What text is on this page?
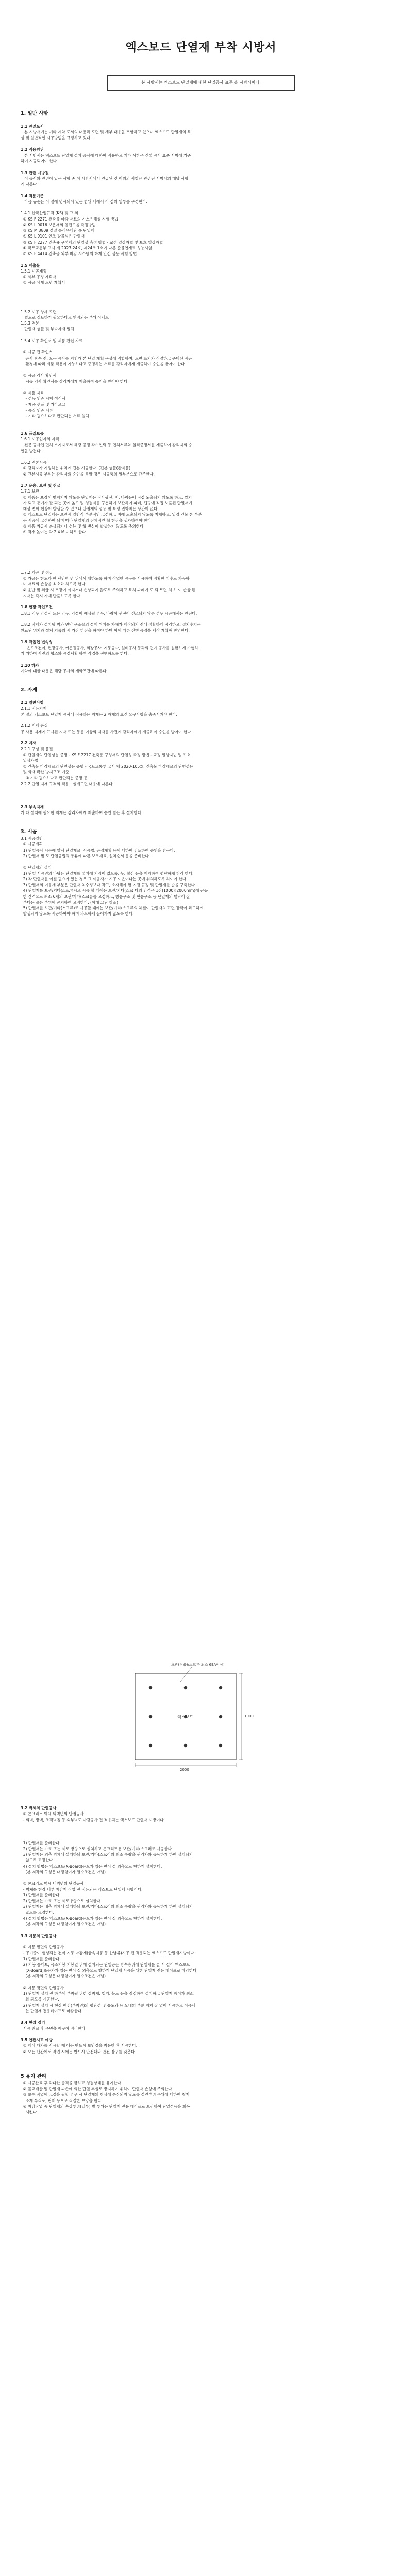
엑스보드 단열재 부착 시방서
본 시방서는 엑스보드 단열재에 대한 단열공사 표준 을 시방서이다.
1. 일반 사항
1.1 관련도서
본 시방서에는 기타 계약 도서의 내용과 도면 및 세부 내용을 포함하고 있으며 엑스보드 단열재의 특
성 및 일반적인 시공방법을 규정하고 있다.
1.2 적용범위
본 시방서는 엑스보드 단열재 설치 공사에 대하여 적용하고 기타 사항은 건설 공사 표준 시방에 기준
하여 시공되어야 한다.
1.3 관련 시방절
이 공사와 관련이 있는 사항 중 이 시방서에서 언급된 것 이외의 사항은 관련된 시방서의 해당 사항
에 따른다.
1.4 적용기준
다음 규준은 이 절에 명시되어 있는 범위 내에서 이 절의 일부를 구성한다.
1.4.1 한국산업규격 (KS) 및 그 외
① KS F 2271 건축물 마감 재료의 가스유해성 시험 방법
② KS L 9016 보온재의 열전도율 측정방법
③ KS M 3809 경질 폴리우레탄 폼 단열재
④ KS L 9101 인조 광물섬유 단열재
⑤ KS F 2277 건축용 구성재의 단열성 측정 방법 - 교정 열상자법 및 보호 열상자법
⑥ 국토교통부 고시 제 2023-24호, 제24조 1호에 따른 준불연재료 성능시험
⑦ KS F 4414 건축물 외부 마감 시스템의 화재 안전 성능 시험 방법
1.5 제출물
1.5.1 시공계획
① 세부 공정 계획서
② 시공 상세 도면 계획서
1.5.2 시공 상세 도면
별도로 검토하기 필요하다고 인정되는 부위 상세도
1.5.3 견본
단열재 샘플 및 부속자재 일체
1.5.4 시공 확인서 및 제품 관련 자료
① 시공 전 확인서
공사 착수 전, 모든 공사를 지휘가 본 단열 계획 구성에 적합하며, 도면 표기가 적절하고 준비된 시공
환경에 따라 제품 적용이 가능하다고 증명하는 서류를 감리자에게 제출하여 승인을 받아야 한다.
② 시공 검사 확인서
시공 검사 확인서를 감리자에게 제출하여 승인을 받아야 한다.
③ 제품 자료
- 성능 인증 시험 성적서
- 제품 샘플 및 카다로그
- 품질 인증 서류
- 기타 필요하다고 판단되는 서류 일체
1.6 품질보증
1.6.1 시공업자의 자격
전문 공사업 면허 소지자로서 해당 공정 작수인력 등 면허서류와 실적증명서를 제출하여 감리자의 승
인을 받는다.
1.6.2 견본시공
① 감리자가 지정하는 위치에 견본 시공한다. (견본 샘플(완제품)
② 견본시공 부위는 감리자의 승인을 득할 경우 시공품의 일부분으로 간주한다.
1.7 운송, 보관 및 취급
1.7.1 보관
① 제품은 포장이 벗겨지지 않도록 단열재는 직사광선, 비, 바람등에 직접 노출되지 않도록 하고, 깔기
가 되고 통기가 잘 되는 곳에 옮도 및 청결제를 구분하여 보관하여 파레, 캡핑에 직접 노출된 단열재에
대성 변화 현상이 발생할 수 있으나 단열재의 성능 및 특성 변화와는 상관이 없다.
② 엑스보드 단열재는 보관시 일반적 부분적인 고정하고 비에 노출되지 않도록 지제하고, 일정 건물 본 부분
는 시공에 고정하여 되며 따라 단열재의 전체적인 휨 현상을 생가하여야 한다.
③ 제품 취급시 손상되거나 성능 및 형 변상이 발생하지 않도록 주의한다.
④ 적재 높이는 약 2.4 M 이하로 한다.
1.7.2 가공 및 취급
① 가공은 현도가 한 팬만한 면 위에서 행하도록 하며 작업한 공구를 사용하여 정확한 치수로 가공하
며 재료의 손상을 최소화 하도록 한다.
② 운반 및 취급 시 포장이 찌지거나 손상되지 않도록 주의하고 특히 파레에 도 되 트면 최 하 여 손상 된
지재는 즉시 자재 반출하도록 한다.
1.8 현장 작업조건
1.8.1 검우 강설시 또는 강우, 강설이 예상될 경우, 바람이 센전어 건조되지 않은 경우 시공해서는 안된다.
1.8.2 작재가 설치될 벽과 면막 구조물의 설계 위치를 자체가 제작되기 전에 정확하게 점검하고, 설치수치는
완료된 위치와 설계 기록의 시 가장 히전을 하여야 하며 이에 따른 진행 공정을 제작 계획해 반영한다.
1.9 작업현 변속성
온도조건이, 편장공사, 커튼월공사, 외장공사, 지붕공사, 설비공사 등과의 연계 공사를 원활하게 수행하
기 위하여 사전의 협조와 공정계획 하여 작업을 진행하도록 한다.
1.10 하자
계약에 대한 내용은 해당 공사의 계약조건에 따른다.
2. 자재
2.1 일반사항
2.1.1 적용지재
본 절의 엑스보드 단열재 공사에 적용하는 지재는 2.자재의 요건 요구사항을 충족시켜야 한다.
2.1.2 지재 품질
공 사용 지재에 표시된 지재 또는 동등 이상의 지재를 사전에 감리자에게 제출하여 승인을 받아야 한다.
2.2 지재
2.2.1 구성 및 품질
① 단열재의 단열성능 증명 - KS F 2277 건축용 구성재의 단열성 측정 방법 - 교정 열상자법 및 보호
열상자법
② 건축물 마감재료의 난연성능 증명 - 국토교통부 고시 제 2020-105호, 건축물 마감재료의 난연성능
및 화재 확산 방지구조 기준
③ 기타 필요하다고 판단되는 증명 등
2.2.2 단열 지재 구격의 적용 : 설계도면 내용에 따른다.
2.3 부속지재
기 타 설치에 필요한 지재는 감리자에게 제출하여 승인 받은 후 설치한다.
3. 시공
3.1 시공일반
① 시공계획
1) 단열공사 시공에 앞서 단열재료, 시공법, 공정계획 등에 대하여 검토하여 승인을 받는다.
2) 단열재 및 모 단열공법의 종류에 따른 보조재료, 설치순서 등을 준비한다.
② 단열재의 설치
1) 단열 시공면의 바탕은 단열재를 설치에 지장이 없도록, 못, 철선 등을 제거하여 평탄하게 청리 한다.
2) 각 단열재를 이질 필요가 있는 경우 그 이음새가 시공 이온이나는 곳에 위치하도록 하여야 한다.
3) 단열재의 이음새 부분은 단열재 치수정보다 작고, 소재해야 할 지점 규정 및 단열재를 순을 구축한다.
4) 단열재를 보관/기타(스크류시로 시공 할 때에는 보관/기타(스크 다의 간격은 1장(1000×2000mm)에 균등
한 간격으로 최소 6개의 보관/기타(스크류를 고정하고, 방풍구조 및 현풍구조 등 단열재의 탈락이 잘
부터는 곱은 부위에 곤지하여 고정한다. (아래 그림 참조)
5) 단열재를 보관/기타(스크류)로 시공할 때에는 보관/기타(스크류의 체결이 단열재의 표면 장력이 과도하게
발생되지 않도록 시공하여야 하며 과도하게 들어가지 않도록 한다.
보관(정품)/스크류(최소 6EA이상)
엑스보드
2000
1000
3.2 벽체의 단열공사
① 콘크리트 벽체 외벽면의 단열공사
- 외벽, 방벽, 조적벽돌 등 외부벽도 마감공사 전 적용되는 엑스보드 단열재 시방이다.
1) 단열재를 준비한다.
2) 단열재는 가로 또는 세로 방향으로 설치하고 콘크리트용 보관/기타(스크러로 시공한다.
3) 단열재는 외측 벽체에 설치하되 보관/기타(스크러의 최소 수량을 권리자와 공동하게 하여 설치되지
않도록 고정한다.
4) 설치 방법은 엑스보드(X-Board)는오가 있는 면이 설 외측으로 향하게 설치한다.
(본 저작의 구성은 대정형이가 필수조건은 아님)
② 콘크리트 벽체 내벽면의 단열공사
- 벽체를 현장 내부 마감재 적업 전 적용되는 엑스보드 단열재 시방이다.
1) 단열재를 준비한다.
2) 단열재는 가로 또는 세로방향으로 설치한다.
3) 단열재는 내측 벽체에 설치하되 보관/기타(스크러의 최소 수량을 권리자와 공동하게 하여 설치되지
않도록 고정한다.
4) 설치 방법은 엑스보드(X-Board)는오가 있는 면이 실 외측으로 향하게 설치한다.
(본 저작의 구성은 대정형이가 필수조건은 아님)
3.3 지붕의 단열공사
① 지붕 밑면의 단열공사
- 공기층이 형성되는 건식 지붕 마감재(금속지붕 등 한남류)시공 전 적용되는 엑스보드 단열재시방이다
1) 단열재를 준비한다.
2) 지붕 슬래브, 목조지붕 지붕널 위에 설치되는 단열공은 방수층위에 단열재를 클 시 같이 엑스보드
(X-Board)또는가가 있는 면이 실 외측으로 향하게 단열재 시공을 위한 단열재 전용 테이프로 마감한다.
(본 저작의 구성은 대정형이가 필수조건은 아님)
② 지붕 윗면의 단열공사
1) 단열재 설치 전 하부에 부착될 위한 접착제, 앵커, 볼트 등을 점검하여 설치하고 단열재 틈이가 최소
화 되도록 시공한다.
2) 단열재 설치 시 현장 여건(부착면)의 평탄성 및 습도와 등 오내의 부분 겨치 잘 없이 시공하고 이음새
는 단열재 전용테이프로 마감한다.
3.4 현장 정리
시공 완료 후 주변을 깨끗이 정리한다.
3.5 안전시고 예방
① 재이 타카를 사용할 때 에는 반드시 보안경을 착용한 후 시공한다.
② 모든 난간에서 작업 시에는 반드시 안전대와 안전 장구를 갖춘다.
5 유지 관리
① 시공완료 후 과다한 충격을 금하고 청결상태를 유지한다.
② 물교배산 및 단열재 파손에 의한 단열 부실로 방지하기 위하여 단열재 손상에 주의한다.
③ 보수 작업에 고정을 필할 경우 시 단열재의 형상에 손상되지 않도록 절연부위 주위에 대하여 철저
소재 부직포, 판재 등으로 적절한 보양을 한다.
④ 마감작업 중 단열재의 손상부위(겉부) 발 부위는 단열재 전용 테이프로 보강하여 단열성능을 회복
시킨다.
